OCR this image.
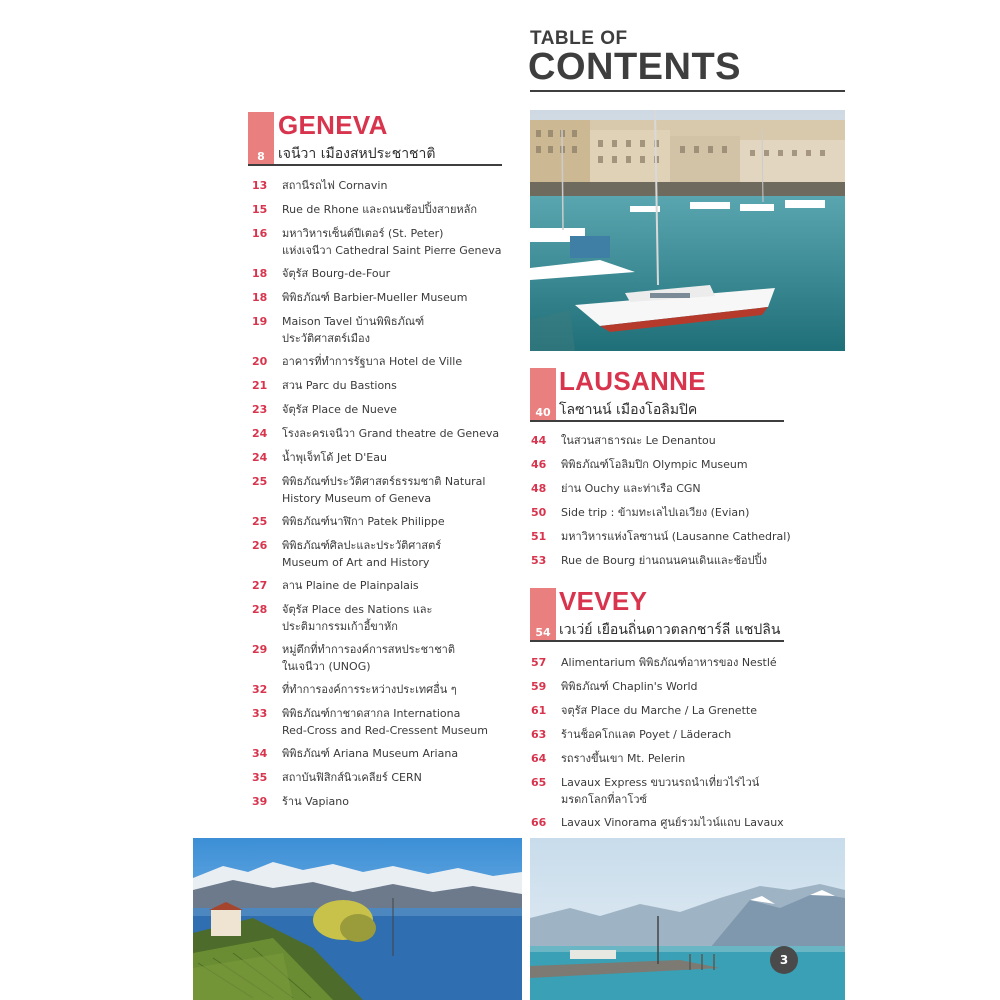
TABLE OF
CONTENTS
8
GENEVA
เจนีวา เมืองสหประชาชาติ
13 สถานีรถไฟ Cornavin
15 Rue de Rhone และถนนช้อปปิ้งสายหลัก
16 มหาวิหารเซ็นต์ปีเตอร์ (St. Peter)
แห่งเจนีวา Cathedral Saint Pierre Geneva
18 จัตุรัส Bourg-de-Four
18 พิพิธภัณฑ์ Barbier-Mueller Museum
19 Maison Tavel บ้านพิพิธภัณฑ์
ประวัติศาสตร์เมือง
20 อาคารที่ทำการรัฐบาล Hotel de Ville
21 สวน Parc du Bastions
23 จัตุรัส Place de Nueve
24 โรงละครเจนีวา Grand theatre de Geneva
24 น้ำพุเจ็ทโด้ Jet D'Eau
25 พิพิธภัณฑ์ประวัติศาสตร์ธรรมชาติ Natural
History Museum of Geneva
25 พิพิธภัณฑ์นาฬิกา Patek Philippe
26 พิพิธภัณฑ์ศิลปะและประวัติศาสตร์
Museum of Art and History
27 ลาน Plaine de Plainpalais
28 จัตุรัส Place des Nations และ
ประติมากรรมเก้าอี้ขาหัก
29 หมู่ตึกที่ทำการองค์การสหประชาชาติ
ในเจนีวา (UNOG)
32 ที่ทำการองค์การระหว่างประเทศอื่น ๆ
33 พิพิธภัณฑ์กาชาดสากล Internationa
Red-Cross and Red-Cressent Museum
34 พิพิธภัณฑ์ Ariana Museum Ariana
35 สถาบันฟิสิกส์นิวเคลียร์ CERN
39 ร้าน Vapiano
40
LAUSANNE
โลซานน์ เมืองโอลิมปิค
44 ในสวนสาธารณะ Le Denantou
46 พิพิธภัณฑ์โอลิมปิก Olympic Museum
48 ย่าน Ouchy และท่าเรือ CGN
50 Side trip : ข้ามทะเลไปเอเวียง (Evian)
51 มหาวิหารแห่งโลซานน์ (Lausanne Cathedral)
53 Rue de Bourg ย่านถนนคนเดินและช้อปปิ้ง
54
VEVEY
เวเว่ย์ เยือนถิ่นดาวตลกชาร์ลี แชปลิน
57 Alimentarium พิพิธภัณฑ์อาหารของ Nestlé
59 พิพิธภัณฑ์ Chaplin's World
61 จตุรัส Place du Marche / La Grenette
63 ร้านช็อคโกแลต Poyet / Läderach
64 รถรางขึ้นเขา Mt. Pelerin
65 Lavaux Express ขบวนรถนำเที่ยวไร่ไวน์
มรดกโลกที่ลาโวซ์
66 Lavaux Vinorama ศูนย์รวมไวน์แถบ Lavaux
3
